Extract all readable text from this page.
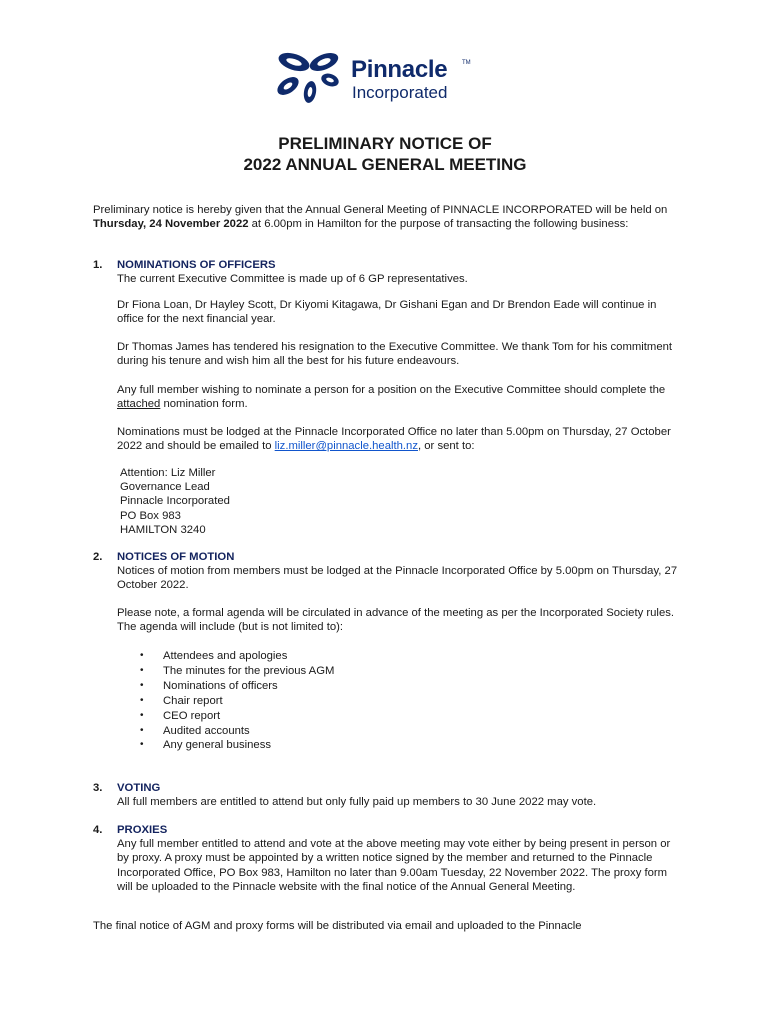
Pinnacle TM
Incorporated
PRELIMINARY NOTICE OF
2022 ANNUAL GENERAL MEETING

Preliminary notice is hereby given that the Annual General Meeting of PINNACLE INCORPORATED will be held on Thursday, 24 November 2022 at 6.00pm in Hamilton for the purpose of transacting the following business:

1. NOMINATIONS OF OFFICERS

The current Executive Committee is made up of 6 GP representatives.

Dr Fiona Loan, Dr Hayley Scott, Dr Kiyomi Kitagawa, Dr Gishani Egan and Dr Brendon Eade will continue in office for the next financial year.

Dr Thomas James has tendered his resignation to the Executive Committee. We thank Tom for his commitment during his tenure and wish him all the best for his future endeavours.

Any full member wishing to nominate a person for a position on the Executive Committee should complete the attached nomination form.

Nominations must be lodged at the Pinnacle Incorporated Office no later than 5.00pm on Thursday, 27 October 2022 and should be emailed to liz.miller@pinnacle.health.nz, or sent to:

Attention: Liz Miller
Governance Lead
Pinnacle Incorporated
PO Box 983
HAMILTON 3240
2. NOTICES OF MOTION

Notices of motion from members must be lodged at the Pinnacle Incorporated Office by 5.00pm on Thursday, 27 October 2022.

Please note, a formal agenda will be circulated in advance of the meeting as per the Incorporated Society rules. The agenda will include (but is not limited to):

• Attendees and apologies
• The minutes for the previous AGM
• Nominations of officers
• Chair report
• CEO report
• Audited accounts
• Any general business
3. VOTING

All full members are entitled to attend but only fully paid up members to 30 June 2022 may vote.

4. PROXIES

Any full member entitled to attend and vote at the above meeting may vote either by being present in person or by proxy. A proxy must be appointed by a written notice signed by the member and returned to the Pinnacle Incorporated Office, PO Box 983, Hamilton no later than 9.00am Tuesday, 22 November 2022. The proxy form will be uploaded to the Pinnacle website with the final notice of the Annual General Meeting.

The final notice of AGM and proxy forms will be distributed via email and uploaded to the Pinnacle
